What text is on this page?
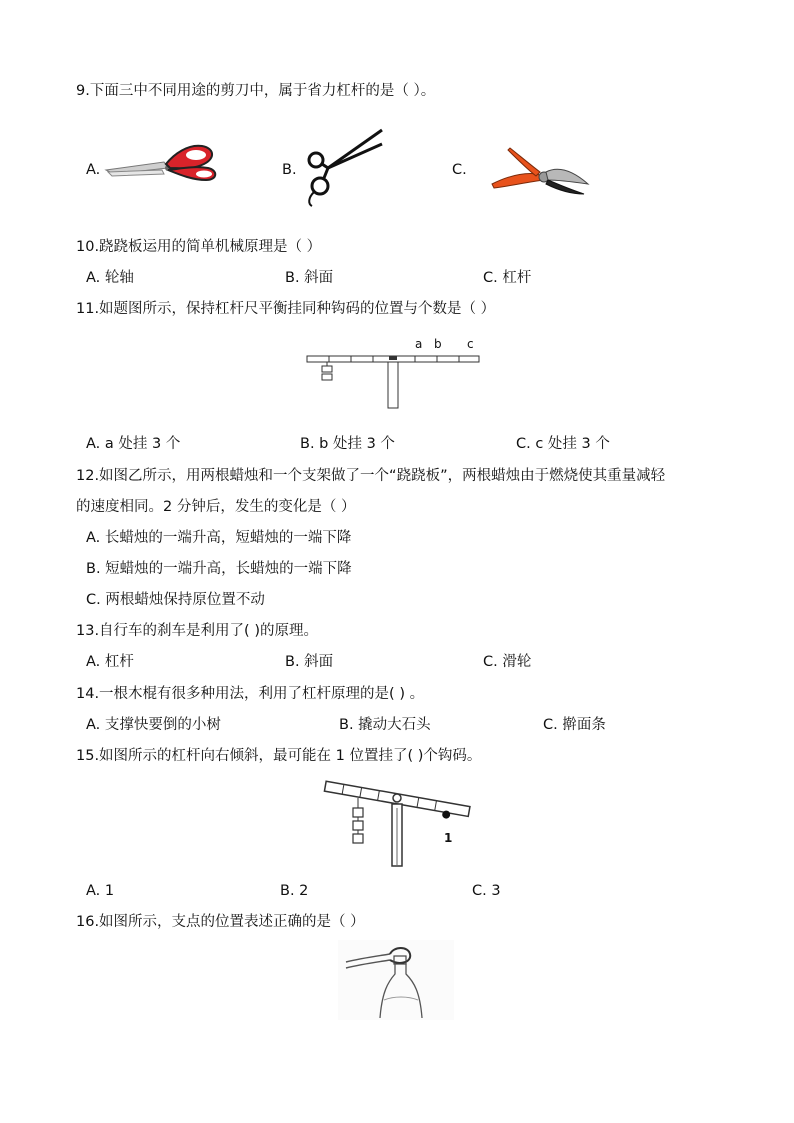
9.下面三中不同用途的剪刀中，属于省力杠杆的是（ ）。
A.	B.	C.
10.跷跷板运用的简单机械原理是（ ）
A. 轮轴	B. 斜面	C. 杠杆
11.如题图所示，保持杠杆尺平衡挂同种钩码的位置与个数是（ ）
a b c
A. a 处挂 3 个	B. b 处挂 3 个	C. c 处挂 3 个
12.如图乙所示，用两根蜡烛和一个支架做了一个“跷跷板”，两根蜡烛由于燃烧使其重量减轻
的速度相同。2 分钟后，发生的变化是（ ）
A. 长蜡烛的一端升高，短蜡烛的一端下降
B. 短蜡烛的一端升高，长蜡烛的一端下降
C. 两根蜡烛保持原位置不动
13.自行车的刹车是利用了( )的原理。
A. 杠杆	B. 斜面	C. 滑轮
14.一根木棍有很多种用法，利用了杠杆原理的是( ) 。
A. 支撑快要倒的小树	B. 撬动大石头	C. 擀面条
15.如图所示的杠杆向右倾斜，最可能在 1 位置挂了( )个钩码。
1
A. 1	B. 2	C. 3
16.如图所示，支点的位置表述正确的是（ ）
